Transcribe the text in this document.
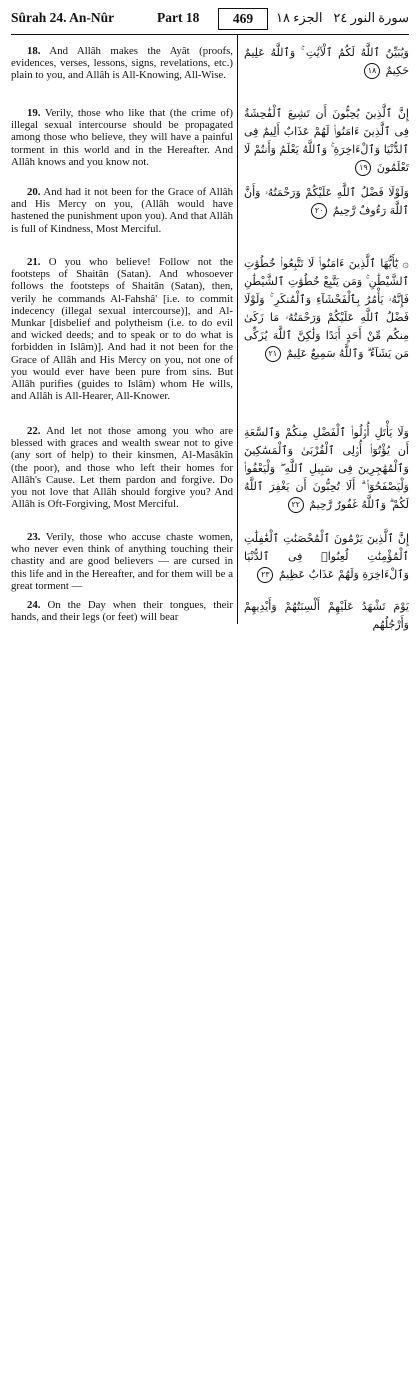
Sûrah 24. An-Nûr	Part 18	469	الجزء ١٨ سورة النور ٢٤

18. And Allâh makes the Ayât (proofs, evidences, verses, lessons, signs, revelations, etc.) plain to you, and Allâh is All-Knowing, All-Wise.

وَيُبَيِّنُ ٱللَّهُ لَكُمُ ٱلْآيَٰتِ ۚ وَٱللَّهُ عَلِيمٌ حَكِيمٌ ١٨

19. Verily, those who like that (the crime of) illegal sexual intercourse should be propagated among those who believe, they will have a painful torment in this world and in the Hereafter. And Allâh knows and you know not.

إِنَّ ٱلَّذِينَ يُحِبُّونَ أَن تَشِيعَ ٱلْفَٰحِشَةُ فِى ٱلَّذِينَ ءَامَنُوا۟ لَهُمْ عَذَابٌ أَلِيمٌ فِى ٱلدُّنْيَا وَٱلْءَاخِرَةِ ۚ وَٱللَّهُ يَعْلَمُ وَأَنتُمْ لَا تَعْلَمُونَ ١٩

20. And had it not been for the Grace of Allâh and His Mercy on you, (Allâh would have hastened the punishment upon you). And that Allâh is full of Kindness, Most Merciful.

وَلَوْلَا فَضْلُ ٱللَّهِ عَلَيْكُمْ وَرَحْمَتُهُۥ وَأَنَّ ٱللَّهَ رَءُوفٌ رَّحِيمٌ ٢٠

21. O you who believe! Follow not the footsteps of Shaitân (Satan). And whosoever follows the footsteps of Shaitân (Satan), then, verily he commands Al-Fahshâ' [i.e. to commit indecency (illegal sexual intercourse)], and Al-Munkar [disbelief and polytheism (i.e. to do evil and wicked deeds; and to speak or to do what is forbidden in Islâm)]. And had it not been for the Grace of Allâh and His Mercy on you, not one of you would ever have been pure from sins. But Allâh purifies (guides to Islâm) whom He wills, and Allâh is All-Hearer, All-Knower.

۞ يَٰٓأَيُّهَا ٱلَّذِينَ ءَامَنُوا۟ لَا تَتَّبِعُوا۟ خُطُوَٰتِ ٱلشَّيْطَٰنِ ۚ وَمَن يَتَّبِعْ خُطُوَٰتِ ٱلشَّيْطَٰنِ فَإِنَّهُۥ يَأْمُرُ بِٱلْفَحْشَآءِ وَٱلْمُنكَرِ ۚ وَلَوْلَا فَضْلُ ٱللَّهِ عَلَيْكُمْ وَرَحْمَتُهُۥ مَا زَكَىٰ مِنكُم مِّنْ أَحَدٍ أَبَدًا وَلَٰكِنَّ ٱللَّهَ يُزَكِّى مَن يَشَآءُ ۗ وَٱللَّهُ سَمِيعٌ عَلِيمٌ ٢١

22. And let not those among you who are blessed with graces and wealth swear not to give (any sort of help) to their kinsmen, Al-Masâkîn (the poor), and those who left their homes for Allâh's Cause. Let them pardon and forgive. Do you not love that Allâh should forgive you? And Allâh is Oft-Forgiving, Most Merciful.

وَلَا يَأْتَلِ أُو۟لُوا۟ ٱلْفَضْلِ مِنكُمْ وَٱلسَّعَةِ أَن يُؤْتُوٓا۟ أُو۟لِى ٱلْقُرْبَىٰ وَٱلْمَسَٰكِينَ وَٱلْمُهَٰجِرِينَ فِى سَبِيلِ ٱللَّهِ ۖ وَلْيَعْفُوا۟ وَلْيَصْفَحُوٓا۟ ۗ أَلَا تُحِبُّونَ أَن يَغْفِرَ ٱللَّهُ لَكُمْ ۗ وَٱللَّهُ غَفُورٌ رَّحِيمٌ ٢٢

23. Verily, those who accuse chaste women, who never even think of anything touching their chastity and are good believers — are cursed in this life and in the Hereafter, and for them will be a great torment —

إِنَّ ٱلَّذِينَ يَرْمُونَ ٱلْمُحْصَنَٰتِ ٱلْغَٰفِلَٰتِ ٱلْمُؤْمِنَٰتِ لُعِنُوا۟ فِى ٱلدُّنْيَا وَٱلْءَاخِرَةِ وَلَهُمْ عَذَابٌ عَظِيمٌ ٢٣

24. On the Day when their tongues, their hands, and their legs (or feet) will bear

يَوْمَ تَشْهَدُ عَلَيْهِمْ أَلْسِنَتُهُمْ وَأَيْدِيهِمْ وَأَرْجُلُهُم
